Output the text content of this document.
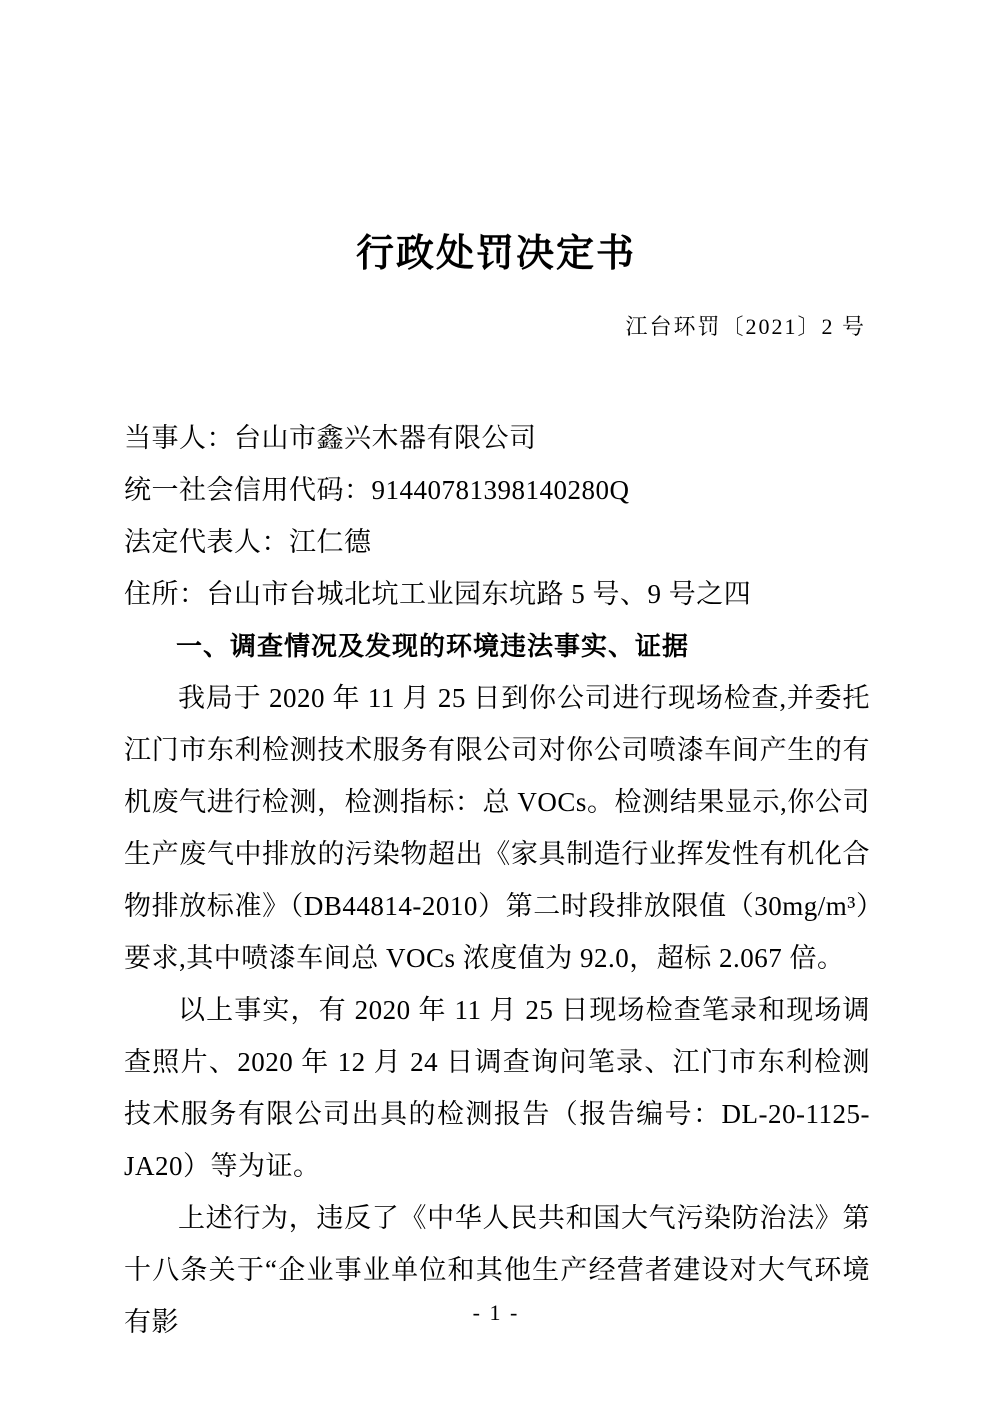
行政处罚决定书
江台环罚〔2021〕2 号

当事人：台山市鑫兴木器有限公司

统一社会信用代码：91440781398140280Q

法定代表人：江仁德

住所：台山市台城北坑工业园东坑路 5 号、9 号之四

一、调查情况及发现的环境违法事实、证据

我局于 2020 年 11 月 25 日到你公司进行现场检查,并委托江门市东利检测技术服务有限公司对你公司喷漆车间产生的有机废气进行检测，检测指标：总 VOCs。检测结果显示,你公司生产废气中排放的污染物超出《家具制造行业挥发性有机化合物排放标准》（DB44814-2010）第二时段排放限值（30mg/m³）要求,其中喷漆车间总 VOCs 浓度值为 92.0，超标 2.067 倍。

以上事实，有 2020 年 11 月 25 日现场检查笔录和现场调查照片、2020 年 12 月 24 日调查询问笔录、江门市东利检测技术服务有限公司出具的检测报告（报告编号：DL-20-1125-JA20）等为证。

上述行为，违反了《中华人民共和国大气污染防治法》第十八条关于“企业事业单位和其他生产经营者建设对大气环境有影	- 1 -
